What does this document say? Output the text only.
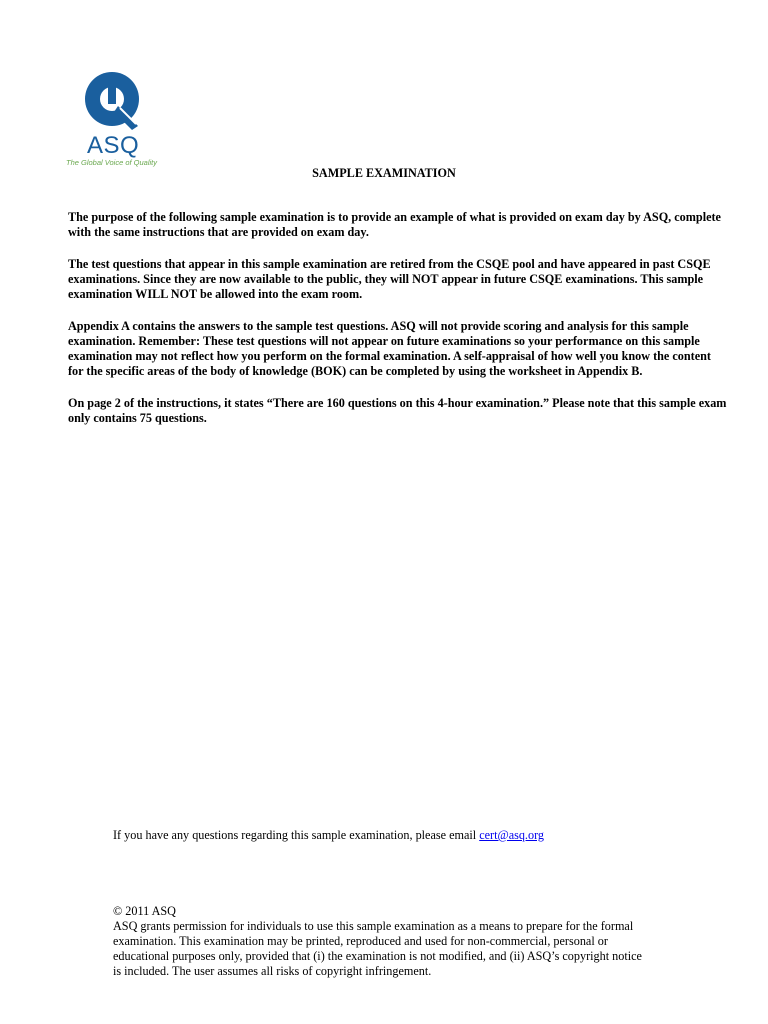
ASQ
The Global Voice of Quality
SAMPLE EXAMINATION

The purpose of the following sample examination is to provide an example of what is provided on exam day by ASQ, complete with the same instructions that are provided on exam day.

The test questions that appear in this sample examination are retired from the CSQE pool and have appeared in past CSQE examinations. Since they are now available to the public, they will NOT appear in future CSQE examinations. This sample examination WILL NOT be allowed into the exam room.

Appendix A contains the answers to the sample test questions. ASQ will not provide scoring and analysis for this sample examination. Remember: These test questions will not appear on future examinations so your performance on this sample examination may not reflect how you perform on the formal examination. A self-appraisal of how well you know the content for the specific areas of the body of knowledge (BOK) can be completed by using the worksheet in Appendix B.

On page 2 of the instructions, it states “There are 160 questions on this 4-hour examination.” Please note that this sample exam only contains 75 questions.

If you have any questions regarding this sample examination, please email cert@asq.org
© 2011 ASQ
ASQ grants permission for individuals to use this sample examination as a means to prepare for the formal examination. This examination may be printed, reproduced and used for non-commercial, personal or educational purposes only, provided that (i) the examination is not modified, and (ii) ASQ’s copyright notice is included. The user assumes all risks of copyright infringement.
